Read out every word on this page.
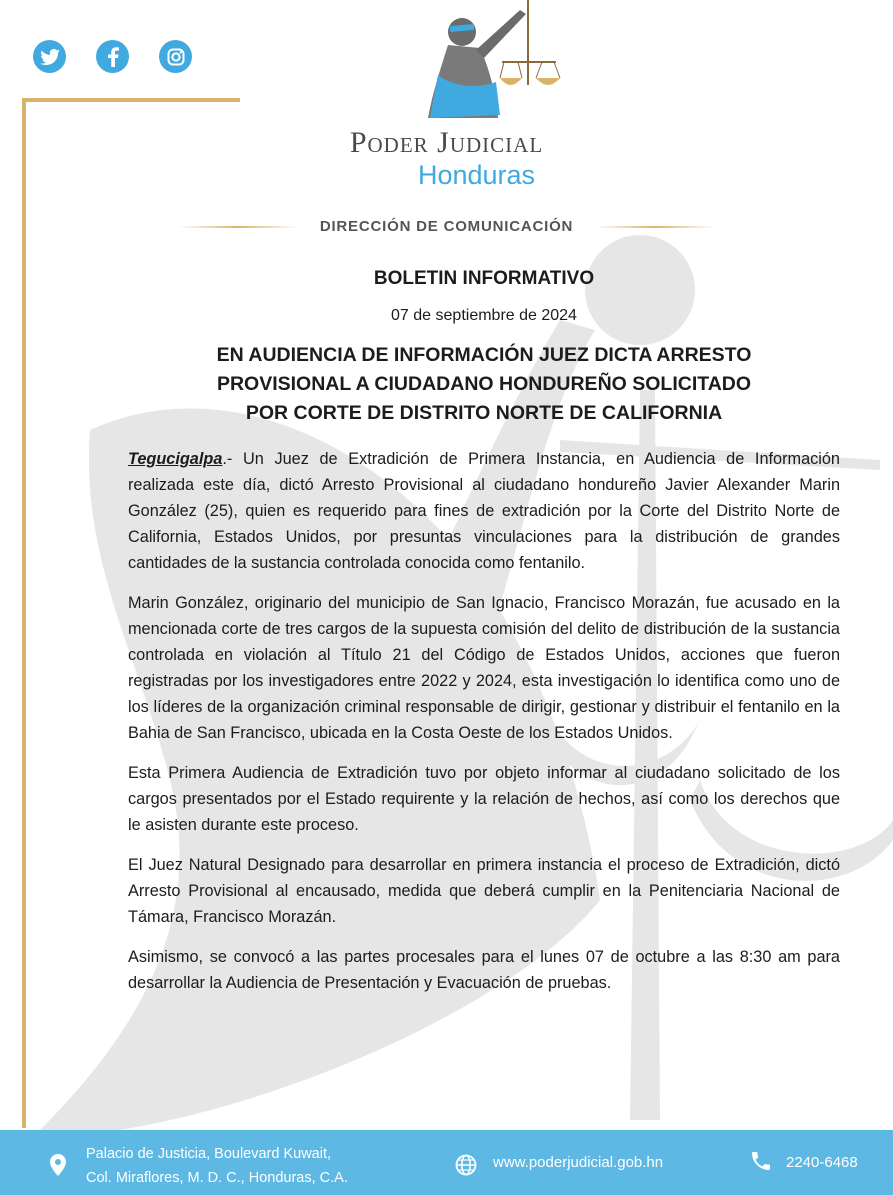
Poder Judicial
Honduras
DIRECCIÓN DE COMUNICACIÓN
BOLETIN INFORMATIVO
07 de septiembre de 2024
EN AUDIENCIA DE INFORMACIÓN JUEZ DICTA ARRESTO
PROVISIONAL A CIUDADANO HONDUREÑO SOLICITADO
POR CORTE DE DISTRITO NORTE DE CALIFORNIA

Tegucigalpa.- Un Juez de Extradición de Primera Instancia, en Audiencia de Información realizada este día, dictó Arresto Provisional al ciudadano hondureño Javier Alexander Marin González (25), quien es requerido para fines de extradición por la Corte del Distrito Norte de California, Estados Unidos, por presuntas vinculaciones para la distribución de grandes cantidades de la sustancia controlada conocida como fentanilo.

Marin González, originario del municipio de San Ignacio, Francisco Morazán, fue acusado en la mencionada corte de tres cargos de la supuesta comisión del delito de distribución de la sustancia controlada en violación al Título 21 del Código de Estados Unidos, acciones que fueron registradas por los investigadores entre 2022 y 2024, esta investigación lo identifica como uno de los líderes de la organización criminal responsable de dirigir, gestionar y distribuir el fentanilo en la Bahia de San Francisco, ubicada en la Costa Oeste de los Estados Unidos.

Esta Primera Audiencia de Extradición tuvo por objeto informar al ciudadano solicitado de los cargos presentados por el Estado requirente y la relación de hechos, así como los derechos que le asisten durante este proceso.

El Juez Natural Designado para desarrollar en primera instancia el proceso de Extradición, dictó Arresto Provisional al encausado, medida que deberá cumplir en la Penitenciaria Nacional de Támara, Francisco Morazán.

Asimismo, se convocó a las partes procesales para el lunes 07 de octubre a las 8:30 am para desarrollar la Audiencia de Presentación y Evacuación de pruebas.

Palacio de Justicia, Boulevard Kuwait,
Col. Miraflores, M. D. C., Honduras, C.A.
www.poderjudicial.gob.hn	2240-6468
